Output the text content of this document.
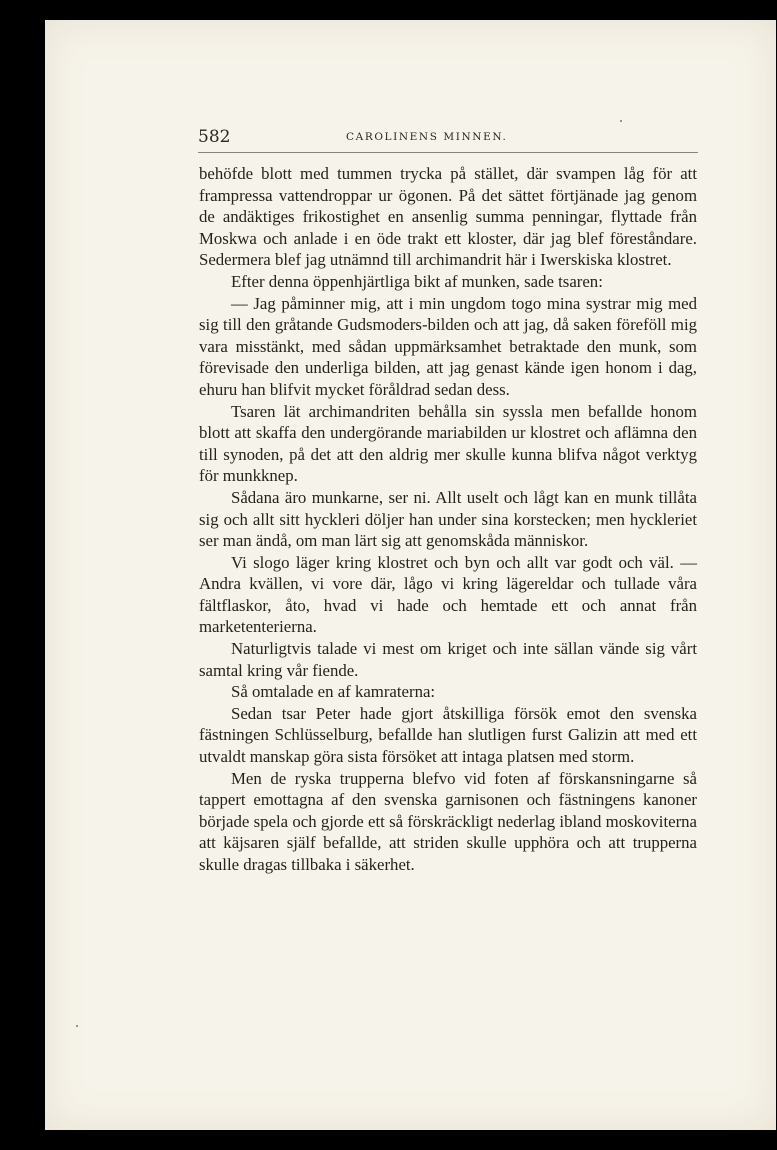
582	CAROLINENS MINNEN.

behöfde blott med tummen trycka på stället, där svampen låg för att frampressa vattendroppar ur ögonen. På det sättet förtjänade jag genom de andäktiges frikostighet en ansenlig summa penningar, flyttade från Moskwa och anlade i en öde trakt ett kloster, där jag blef föreståndare. Sedermera blef jag utnämnd till archimandrit här i Iwerskiska klostret.

Efter denna öppenhjärtliga bikt af munken, sade tsaren:

— Jag påminner mig, att i min ungdom togo mina systrar mig med sig till den gråtande Gudsmoders-bilden och att jag, då saken föreföll mig vara misstänkt, med sådan uppmärksamhet betraktade den munk, som förevisade den underliga bilden, att jag genast kände igen honom i dag, ehuru han blifvit mycket föråldrad sedan dess.

Tsaren lät archimandriten behålla sin syssla men befallde honom blott att skaffa den undergörande mariabilden ur klostret och aflämna den till synoden, på det att den aldrig mer skulle kunna blifva något verktyg för munkknep.

Sådana äro munkarne, ser ni. Allt uselt och lågt kan en munk tillåta sig och allt sitt hyckleri döljer han under sina korstecken; men hyckleriet ser man ändå, om man lärt sig att genomskåda människor.

Vi slogo läger kring klostret och byn och allt var godt och väl. — Andra kvällen, vi vore där, lågo vi kring lägereldar och tullade våra fältflaskor, åto, hvad vi hade och hemtade ett och annat från marketenterierna.

Naturligtvis talade vi mest om kriget och inte sällan vände sig vårt samtal kring vår fiende.

Så omtalade en af kamraterna:

Sedan tsar Peter hade gjort åtskilliga försök emot den svenska fästningen Schlüsselburg, befallde han slutligen furst Galizin att med ett utvaldt manskap göra sista försöket att intaga platsen med storm.

Men de ryska trupperna blefvo vid foten af förskansningarne så tappert emottagna af den svenska garnisonen och fästningens kanoner började spela och gjorde ett så förskräckligt nederlag ibland moskoviterna att käjsaren själf befallde, att striden skulle upphöra och att trupperna skulle dragas tillbaka i säkerhet.
